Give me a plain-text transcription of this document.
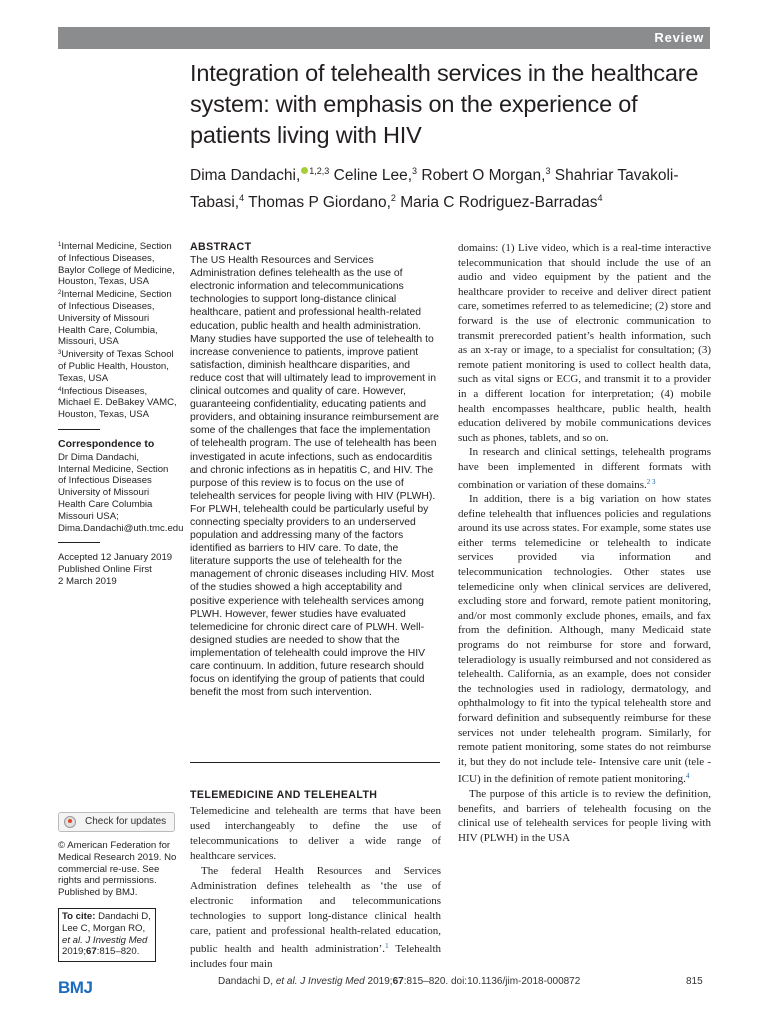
Review
Integration of telehealth services in the healthcare system: with emphasis on the experience of patients living with HIV
Dima Dandachi, $^{1,2,3}$ Celine Lee,$^3$ Robert O Morgan,$^3$ Shahriar Tavakoli-Tabasi,$^4$ Thomas P Giordano,$^2$ Maria C Rodriguez-Barradas$^4$

$^1$Internal Medicine, Section of Infectious Diseases, Baylor College of Medicine, Houston, Texas, USA

$^2$Internal Medicine, Section of Infectious Diseases, University of Missouri Health Care, Columbia, Missouri, USA

$^3$University of Texas School of Public Health, Houston, Texas, USA

$^4$Infectious Diseases, Michael E. DeBakey VAMC, Houston, Texas, USA

Correspondence to

Dr Dima Dandachi,

Internal Medicine, Section of Infectious Diseases University of Missouri Health Care Columbia Missouri USA;

Dima.Dandachi@uth.tmc.edu

Accepted 12 January 2019

Published Online First

2 March 2019

Check for updates

© American Federation for Medical Research 2019. No commercial re-use. See rights and permissions. Published by BMJ.

To cite: Dandachi D, Lee C, Morgan RO, et al. J Investig Med 2019;67:815–820.
ABSTRACT

The US Health Resources and Services Administration defines telehealth as the use of electronic information and telecommunications technologies to support long-distance clinical healthcare, patient and professional health-related education, public health and health administration. Many studies have supported the use of telehealth to increase convenience to patients, improve patient satisfaction, diminish healthcare disparities, and reduce cost that will ultimately lead to improvement in clinical outcomes and quality of care. However, guaranteeing confidentiality, educating patients and providers, and obtaining insurance reimbursement are some of the challenges that face the implementation of telehealth program. The use of telehealth has been investigated in acute infections, such as endocarditis and chronic infections as in hepatitis C, and HIV. The purpose of this review is to focus on the use of telehealth services for people living with HIV (PLWH). For PLWH, telehealth could be particularly useful by connecting specialty providers to an underserved population and addressing many of the factors identified as barriers to HIV care. To date, the literature supports the use of telehealth for the management of chronic diseases including HIV. Most of the studies showed a high acceptability and positive experience with telehealth services among PLWH. However, fewer studies have evaluated telemedicine for chronic direct care of PLWH. Well-designed studies are needed to show that the implementation of telehealth could improve the HIV care continuum. In addition, future research should focus on identifying the group of patients that could benefit the most from such intervention.

TELEMEDICINE AND TELEHEALTH

Telemedicine and telehealth are terms that have been used interchangeably to define the use of telecommunications to deliver a wide range of healthcare services.

The federal Health Resources and Services Administration defines telehealth as ‘the use of electronic information and telecommunications technologies to support long-distance clinical health care, patient and professional health-related education, public health and health administration’.$^1$ Telehealth includes four main

domains: (1) Live video, which is a real-time interactive telecommunication that should include the use of an audio and video equipment by the patient and the healthcare provider to receive and deliver direct patient care, sometimes referred to as telemedicine; (2) store and forward is the use of electronic communication to transmit prerecorded patient’s health information, such as an x-ray or image, to a specialist for consultation; (3) remote patient monitoring is used to collect health data, such as vital signs or ECG, and transmit it to a provider in a different location for interpretation; (4) mobile health encompasses healthcare, public health, health education delivered by mobile communications devices such as phones, tablets, and so on.

In research and clinical settings, telehealth programs have been implemented in different formats with combination or variation of these domains.$^{2 3}$

In addition, there is a big variation on how states define telehealth that influences policies and regulations around its use across states. For example, some states use either terms telemedicine or telehealth to indicate services provided via information and telecommunication technologies. Other states use telemedicine only when clinical services are delivered, excluding store and forward, remote patient monitoring, and/or most commonly exclude phones, emails, and fax from the definition. Although, many Medicaid state programs do not reimburse for store and forward, teleradiology is usually reimbursed and not considered as telehealth. California, as an example, does not consider the technologies used in radiology, dermatology, and ophthalmology to fit into the typical telehealth store and forward definition and subsequently reimburse for these services not under telehealth program. Similarly, for remote patient monitoring, some states do not reimburse it, but they do not include tele- Intensive care unit (tele -ICU) in the definition of remote patient monitoring.$^4$

The purpose of this article is to review the definition, benefits, and barriers of telehealth focusing on the clinical use of telehealth services for people living with HIV (PLWH) in the USA

BMJ	Dandachi D, et al. J Investig Med 2019;67:815–820. doi:10.1136/jim-2018-000872	815
